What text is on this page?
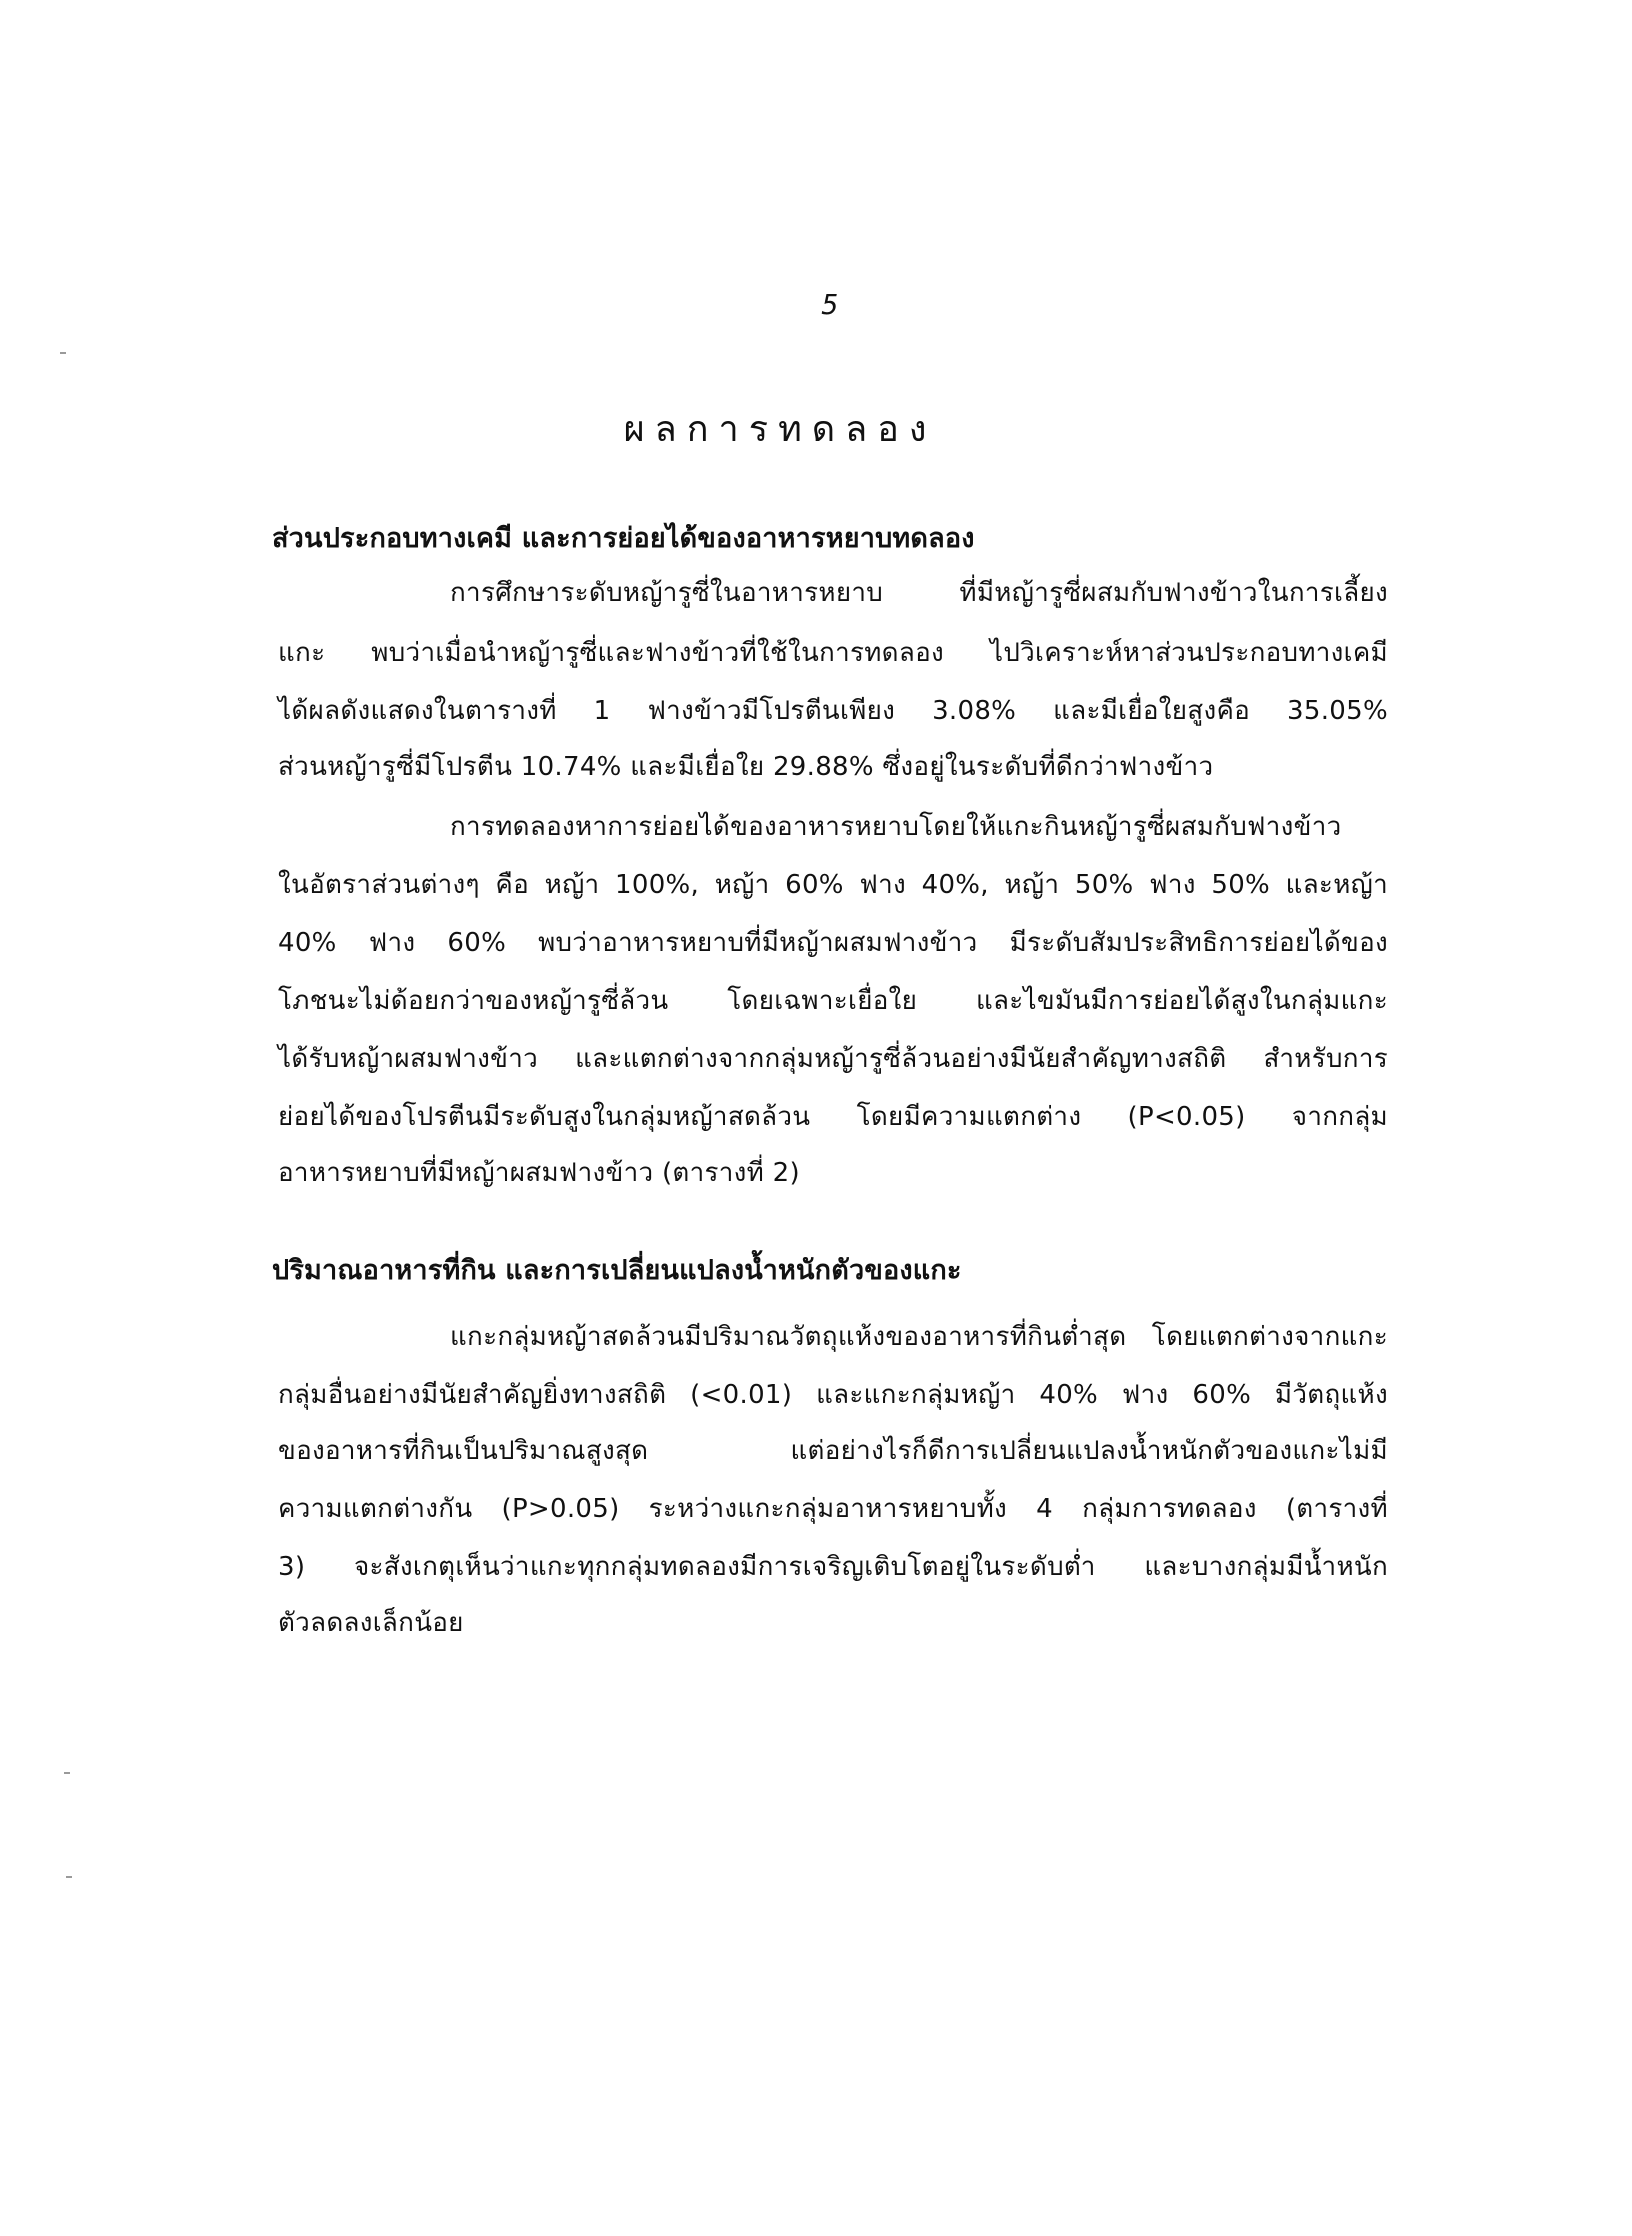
5
ผลการทดลอง
ส่วนประกอบทางเคมี และการย่อยได้ของอาหารหยาบทดลอง
การศึกษาระดับหญ้ารูซี่ในอาหารหยาบ ที่มีหญ้ารูซี่ผสมกับฟางข้าวในการเลี้ยง
แกะ พบว่าเมื่อนำหญ้ารูซี่และฟางข้าวที่ใช้ในการทดลอง ไปวิเคราะห์หาส่วนประกอบทางเคมี
ได้ผลดังแสดงในตารางที่ 1 ฟางข้าวมีโปรตีนเพียง 3.08% และมีเยื่อใยสูงคือ 35.05%
ส่วนหญ้ารูซี่มีโปรตีน 10.74% และมีเยื่อใย 29.88% ซึ่งอยู่ในระดับที่ดีกว่าฟางข้าว
การทดลองหาการย่อยได้ของอาหารหยาบโดยให้แกะกินหญ้ารูซี่ผสมกับฟางข้าว
ในอัตราส่วนต่างๆ คือ หญ้า 100%, หญ้า 60% ฟาง 40%, หญ้า 50% ฟาง 50% และหญ้า
40% ฟาง 60% พบว่าอาหารหยาบที่มีหญ้าผสมฟางข้าว มีระดับสัมประสิทธิการย่อยได้ของ
โภชนะไม่ด้อยกว่าของหญ้ารูซี่ล้วน โดยเฉพาะเยื่อใย และไขมันมีการย่อยได้สูงในกลุ่มแกะ
ได้รับหญ้าผสมฟางข้าว และแตกต่างจากกลุ่มหญ้ารูซี่ล้วนอย่างมีนัยสำคัญทางสถิติ สำหรับการ
ย่อยได้ของโปรตีนมีระดับสูงในกลุ่มหญ้าสดล้วน โดยมีความแตกต่าง (P<0.05) จากกลุ่ม
อาหารหยาบที่มีหญ้าผสมฟางข้าว (ตารางที่ 2)
ปริมาณอาหารที่กิน และการเปลี่ยนแปลงน้ำหนักตัวของแกะ
แกะกลุ่มหญ้าสดล้วนมีปริมาณวัตถุแห้งของอาหารที่กินต่ำสุด โดยแตกต่างจากแกะ
กลุ่มอื่นอย่างมีนัยสำคัญยิ่งทางสถิติ (<0.01) และแกะกลุ่มหญ้า 40% ฟาง 60% มีวัตถุแห้ง
ของอาหารที่กินเป็นปริมาณสูงสุด แต่อย่างไรก็ดีการเปลี่ยนแปลงน้ำหนักตัวของแกะไม่มี
ความแตกต่างกัน (P>0.05) ระหว่างแกะกลุ่มอาหารหยาบทั้ง 4 กลุ่มการทดลอง (ตารางที่
3) จะสังเกตุเห็นว่าแกะทุกกลุ่มทดลองมีการเจริญเติบโตอยู่ในระดับต่ำ และบางกลุ่มมีน้ำหนัก
ตัวลดลงเล็กน้อย
